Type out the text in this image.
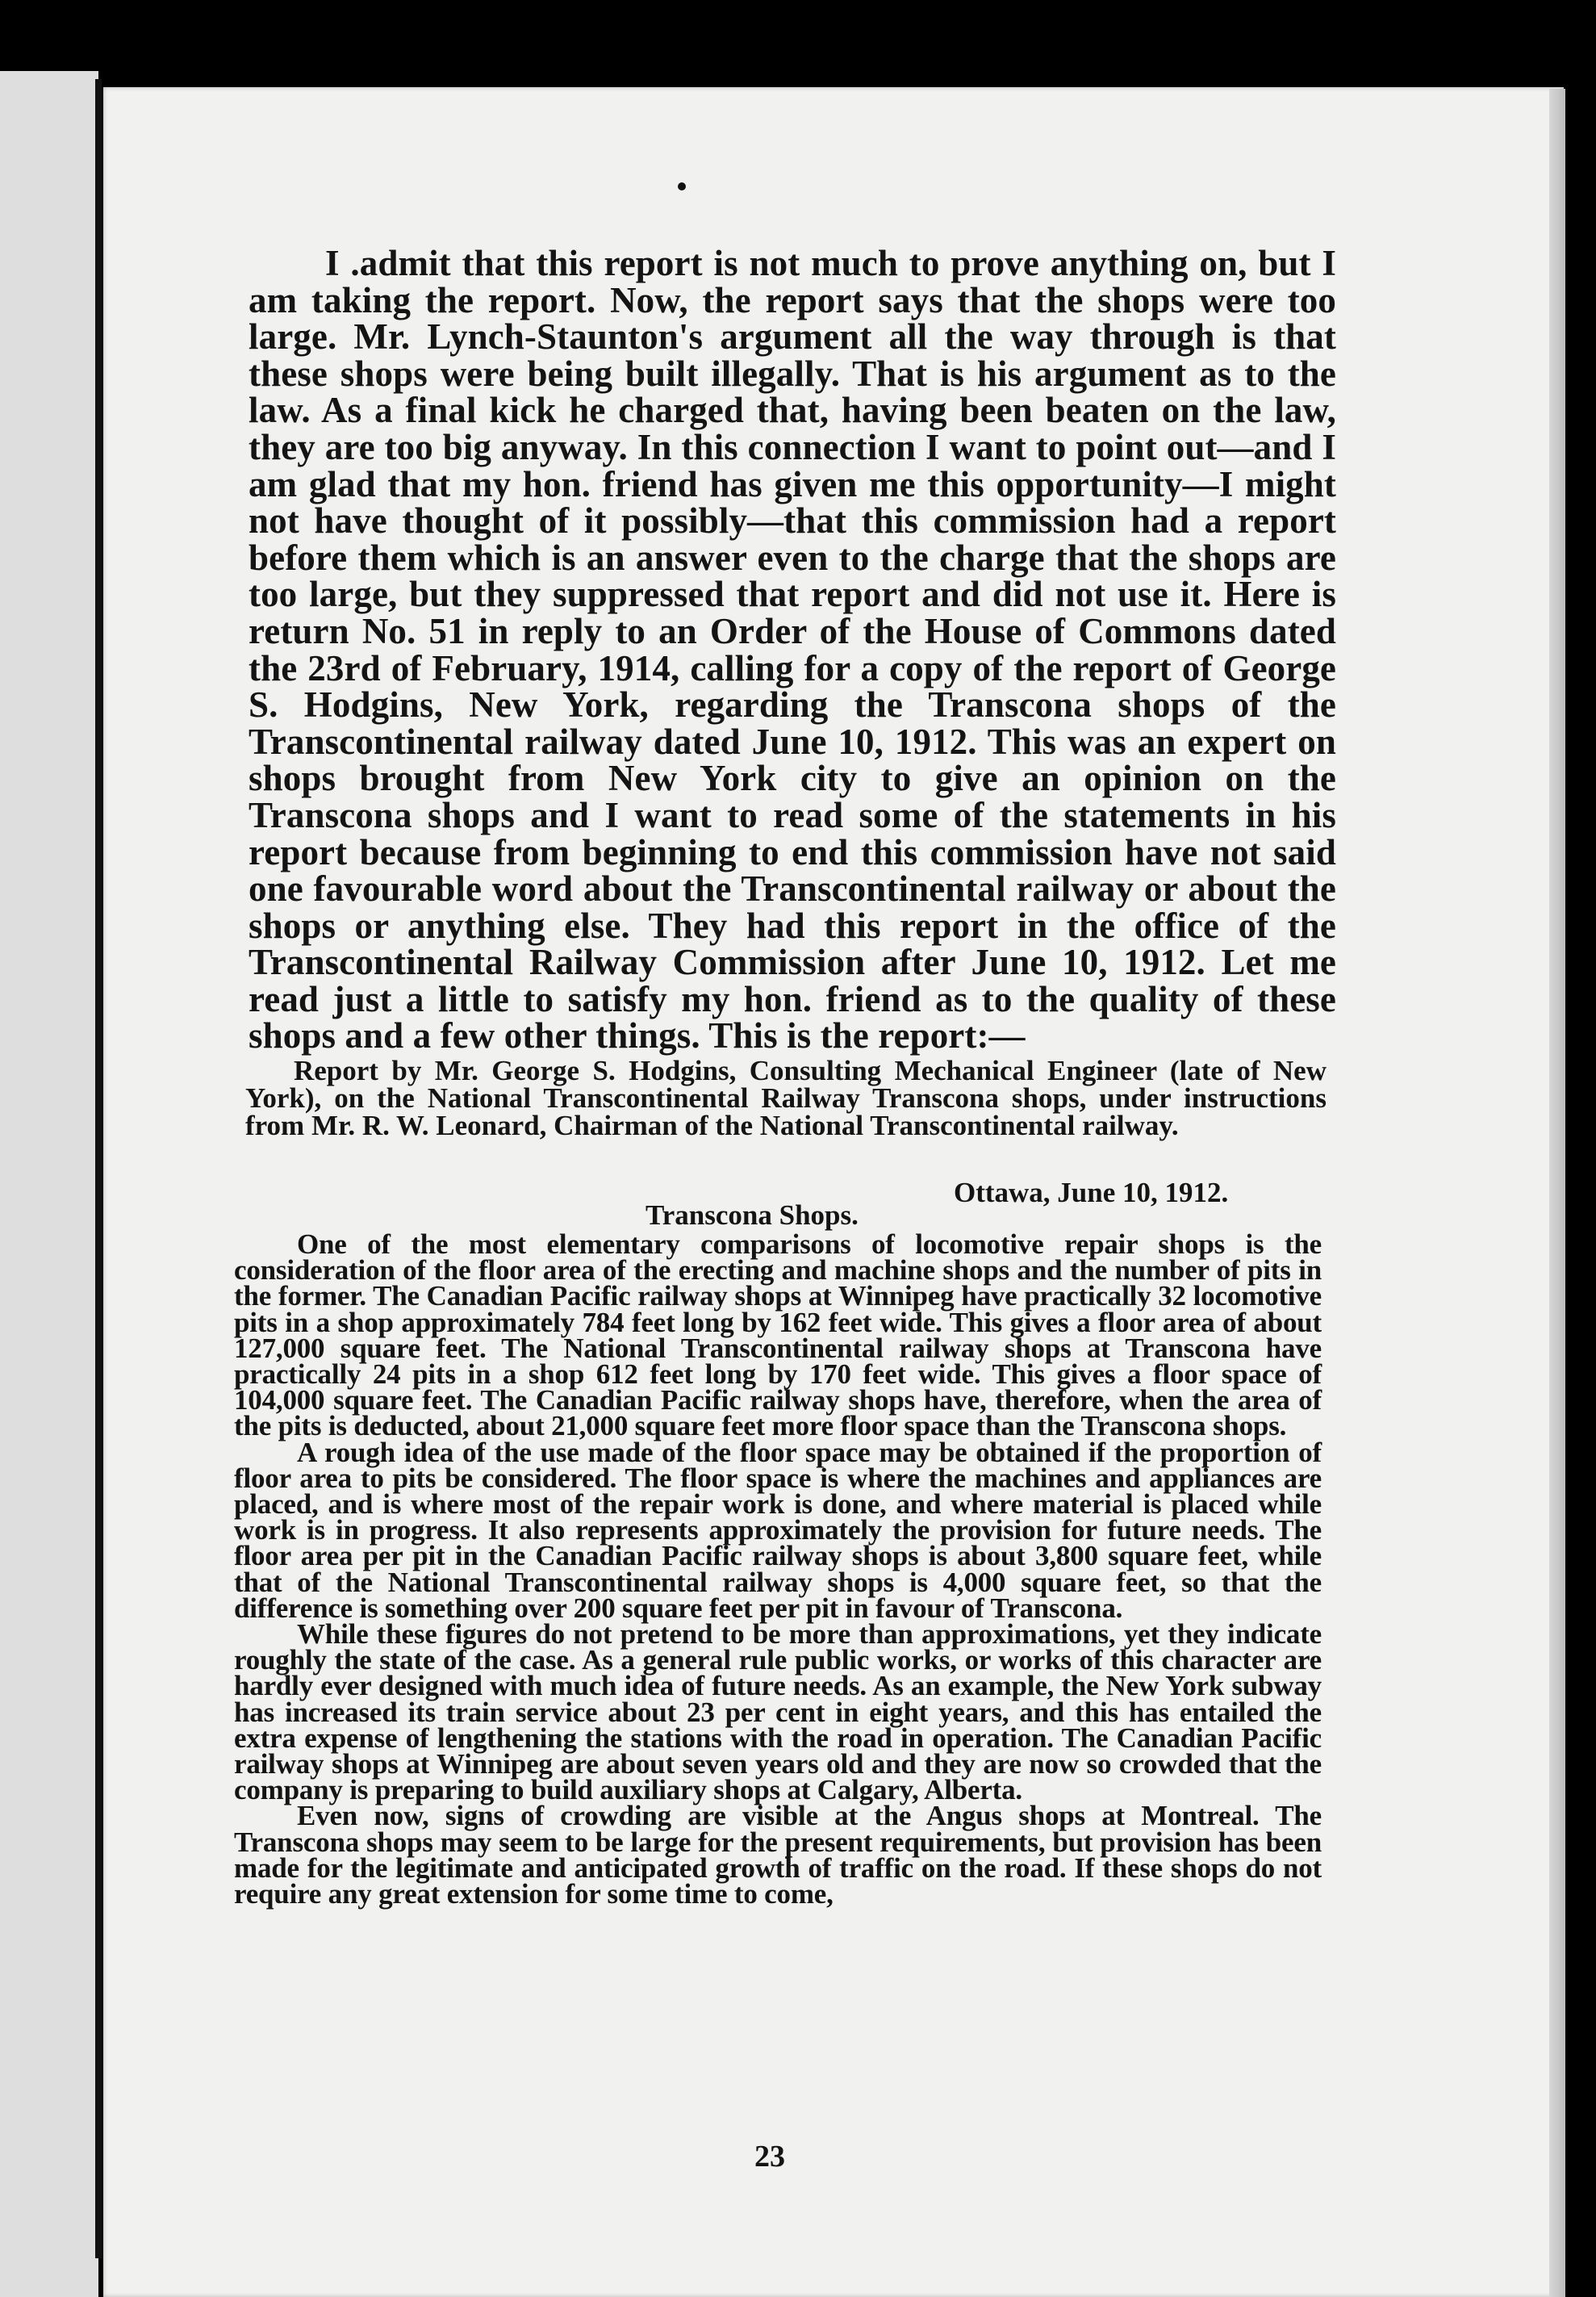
I .admit that this report is not much to prove anything on, but I am taking the report. Now, the report says that the shops were too large. Mr. Lynch-Staunton's argument all the way through is that these shops were being built illegally. That is his argument as to the law. As a final kick he charged that, having been beaten on the law, they are too big anyway. In this connection I want to point out—and I am glad that my hon. friend has given me this opportunity—I might not have thought of it possibly—that this commission had a report before them which is an answer even to the charge that the shops are too large, but they suppressed that report and did not use it. Here is return No. 51 in reply to an Order of the House of Commons dated the 23rd of February, 1914, calling for a copy of the report of George S. Hodgins, New York, regarding the Transcona shops of the Transcontinental railway dated June 10, 1912. This was an expert on shops brought from New York city to give an opinion on the Transcona shops and I want to read some of the statements in his report because from beginning to end this commission have not said one favourable word about the Transcontinental railway or about the shops or anything else. They had this report in the office of the Transcontinental Railway Commission after June 10, 1912. Let me read just a little to satisfy my hon. friend as to the quality of these shops and a few other things. This is the report:—

Report by Mr. George S. Hodgins, Consulting Mechanical Engineer (late of New York), on the National Transcontinental Railway Transcona shops, under instructions from Mr. R. W. Leonard, Chairman of the National Transcontinental railway.

Ottawa, June 10, 1912.

Transcona Shops.

One of the most elementary comparisons of locomotive repair shops is the consideration of the floor area of the erecting and machine shops and the number of pits in the former. The Canadian Pacific railway shops at Winnipeg have practically 32 locomotive pits in a shop approximately 784 feet long by 162 feet wide. This gives a floor area of about 127,000 square feet. The National Transcontinental railway shops at Transcona have practically 24 pits in a shop 612 feet long by 170 feet wide. This gives a floor space of 104,000 square feet. The Canadian Pacific railway shops have, therefore, when the area of the pits is deducted, about 21,000 square feet more floor space than the Transcona shops.

A rough idea of the use made of the floor space may be obtained if the proportion of floor area to pits be considered. The floor space is where the machines and appliances are placed, and is where most of the repair work is done, and where material is placed while work is in progress. It also represents approximately the provision for future needs. The floor area per pit in the Canadian Pacific railway shops is about 3,800 square feet, while that of the National Transcontinental railway shops is 4,000 square feet, so that the difference is something over 200 square feet per pit in favour of Transcona.

While these figures do not pretend to be more than approximations, yet they indicate roughly the state of the case. As a general rule public works, or works of this character are hardly ever designed with much idea of future needs. As an example, the New York subway has increased its train service about 23 per cent in eight years, and this has entailed the extra expense of lengthening the stations with the road in operation. The Canadian Pacific railway shops at Winnipeg are about seven years old and they are now so crowded that the company is preparing to build auxiliary shops at Calgary, Alberta.

Even now, signs of crowding are visible at the Angus shops at Montreal. The Transcona shops may seem to be large for the present requirements, but provision has been made for the legitimate and anticipated growth of traffic on the road. If these shops do not require any great extension for some time to come,

23
